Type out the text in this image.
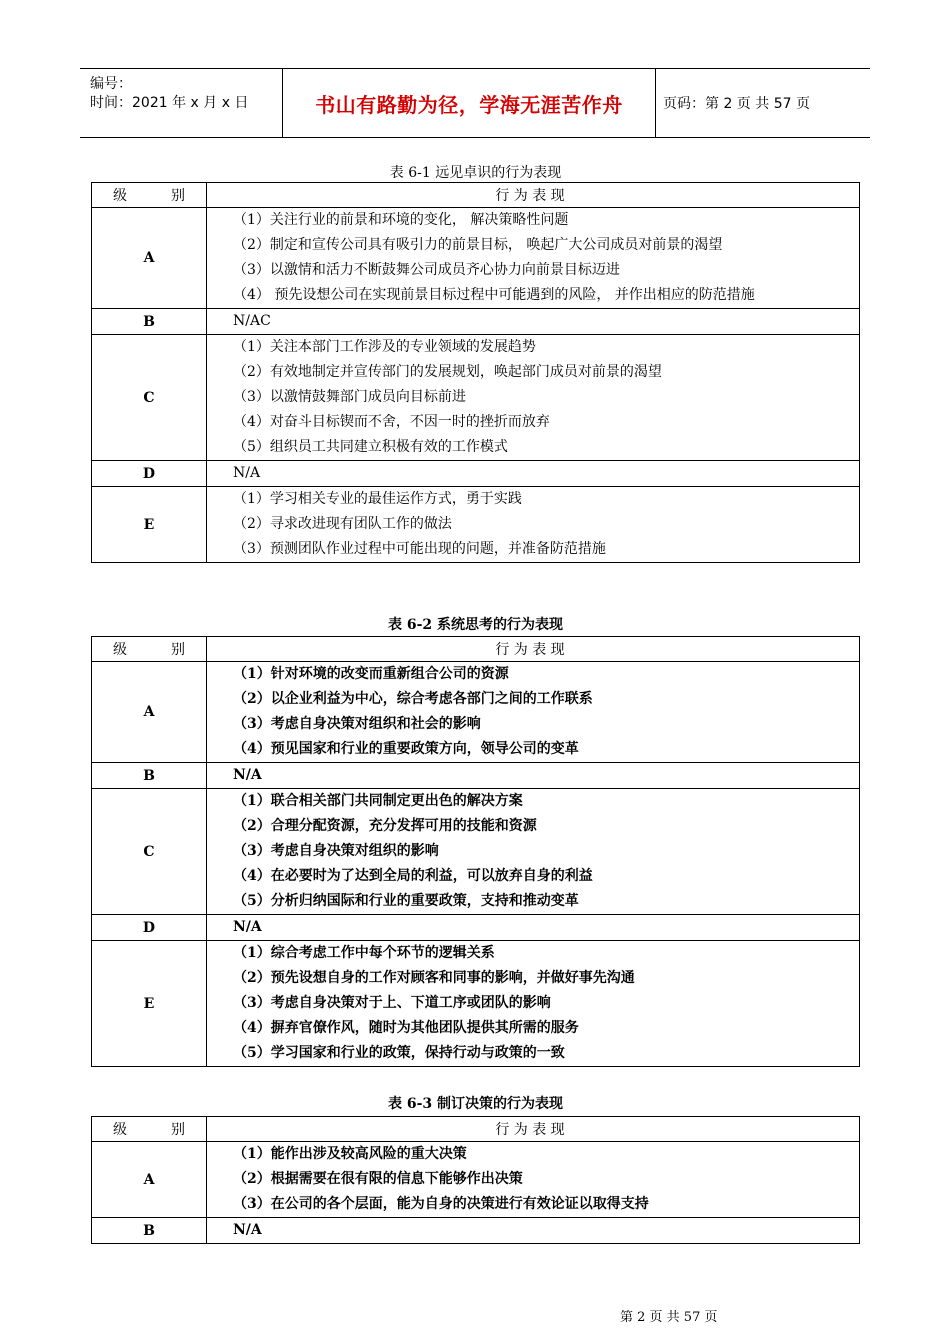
编号：
时间：2021 年 x 月 x 日	书山有路勤为径，学海无涯苦作舟	页码：第 2 页 共 57 页
表 6-1 远见卓识的行为表现
级 别	行 为 表 现
A	（1）关注行业的前景和环境的变化， 解决策略性问题
（2）制定和宣传公司具有吸引力的前景目标， 唤起广大公司成员对前景的渴望
（3）以激情和活力不断鼓舞公司成员齐心协力向前景目标迈进
（4） 预先设想公司在实现前景目标过程中可能遇到的风险， 并作出相应的防范措施

B	N/AC

C	（1）关注本部门工作涉及的专业领域的发展趋势
（2）有效地制定并宣传部门的发展规划，唤起部门成员对前景的渴望
（3）以激情鼓舞部门成员向目标前进
（4）对奋斗目标锲而不舍，不因一时的挫折而放弃
（5）组织员工共同建立积极有效的工作模式

D	N/A

E	（1）学习相关专业的最佳运作方式，勇于实践
（2）寻求改进现有团队工作的做法
（3）预测团队作业过程中可能出现的问题，并准备防范措施
表 6-2 系统思考的行为表现
级 别	行 为 表 现
A	（1）针对环境的改变而重新组合公司的资源
（2）以企业利益为中心，综合考虑各部门之间的工作联系
（3）考虑自身决策对组织和社会的影响
（4）预见国家和行业的重要政策方向，领导公司的变革

B	N/A

C	（1）联合相关部门共同制定更出色的解决方案
（2）合理分配资源，充分发挥可用的技能和资源
（3）考虑自身决策对组织的影响
（4）在必要时为了达到全局的利益，可以放弃自身的利益
（5）分析归纳国际和行业的重要政策，支持和推动变革

D	N/A

E	（1）综合考虑工作中每个环节的逻辑关系
（2）预先设想自身的工作对顾客和同事的影响，并做好事先沟通
（3）考虑自身决策对于上、下道工序或团队的影响
（4）摒弃官僚作风，随时为其他团队提供其所需的服务
（5）学习国家和行业的政策，保持行动与政策的一致
表 6-3 制订决策的行为表现
级 别	行 为 表 现
A	（1）能作出涉及较高风险的重大决策
（2）根据需要在很有限的信息下能够作出决策
（3）在公司的各个层面，能为自身的决策进行有效论证以取得支持

B	N/A
第 2 页 共 57 页
